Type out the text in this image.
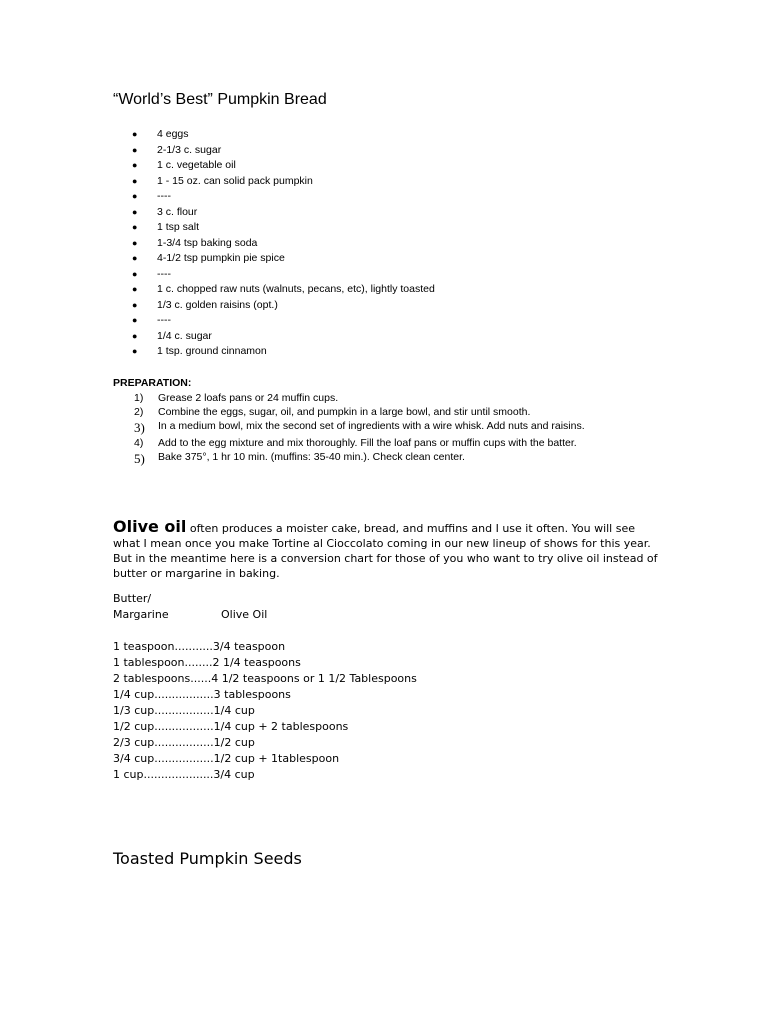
“World’s Best” Pumpkin Bread
● 4 eggs
● 2-1/3 c. sugar
● 1 c. vegetable oil
● 1 - 15 oz. can solid pack pumpkin
● ----
● 3 c. flour
● 1 tsp salt
● 1-3/4 tsp baking soda
● 4-1/2 tsp pumpkin pie spice
● ----
● 1 c. chopped raw nuts (walnuts, pecans, etc), lightly toasted
● 1/3 c. golden raisins (opt.)
● ----
● 1/4 c. sugar
● 1 tsp. ground cinnamon

PREPARATION:

1) Grease 2 loafs pans or 24 muffin cups.
2) Combine the eggs, sugar, oil, and pumpkin in a large bowl, and stir until smooth.
3) In a medium bowl, mix the second set of ingredients with a wire whisk. Add nuts and raisins.
4) Add to the egg mixture and mix thoroughly. Fill the loaf pans or muffin cups with the batter.
5) Bake 375°, 1 hr 10 min. (muffins: 35-40 min.). Check clean center.

Olive oil often produces a moister cake, bread, and muffins and I use it often. You will see what I mean once you make Tortine al Cioccolato coming in our new lineup of shows for this year. But in the meantime here is a conversion chart for those of you who want to try olive oil instead of butter or margarine in baking.

Butter/
Margarine	Olive Oil
1 teaspoon...........3/4 teaspoon
1 tablespoon........2 1/4 teaspoons
2 tablespoons......4 1/2 teaspoons or 1 1/2 Tablespoons
1/4 cup.................3 tablespoons
1/3 cup.................1/4 cup
1/2 cup.................1/4 cup + 2 tablespoons
2/3 cup.................1/2 cup
3/4 cup.................1/2 cup + 1tablespoon
1 cup....................3/4 cup
Toasted Pumpkin Seeds
